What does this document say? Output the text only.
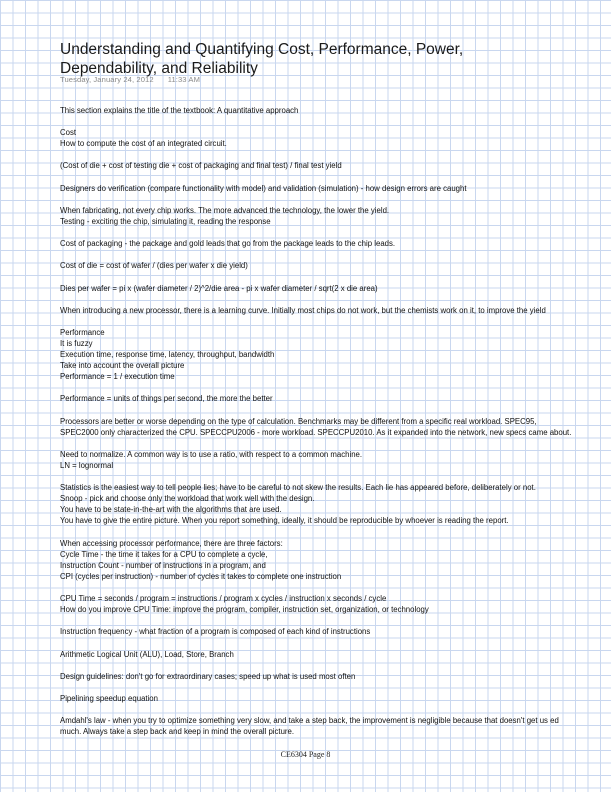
Understanding and Quantifying Cost, Performance, Power,
Dependability, and Reliability
Tuesday, January 24, 2012 11:33 AM
This section explains the title of the textbook: A quantitative approach
Cost
How to compute the cost of an integrated circuit.
(Cost of die + cost of testing die + cost of packaging and final test) / final test yield
Designers do verification (compare functionality with model) and validation (simulation) - how design errors are caught
When fabricating, not every chip works. The more advanced the technology, the lower the yield.
Testing - exciting the chip, simulating it, reading the response
Cost of packaging - the package and gold leads that go from the package leads to the chip leads.
Cost of die = cost of wafer / (dies per wafer x die yield)
Dies per wafer = pi x (wafer diameter / 2)^2/die area - pi x wafer diameter / sqrt(2 x die area)
When introducing a new processor, there is a learning curve. Initially most chips do not work, but the chemists work on it, to improve the yield
Performance
It is fuzzy
Execution time, response time, latency, throughput, bandwidth
Take into account the overall picture
Performance = 1 / execution time
Performance = units of things per second, the more the better
Processors are better or worse depending on the type of calculation. Benchmarks may be different from a specific real workload. SPEC95,
SPEC2000 only characterized the CPU. SPECCPU2006 - more workload. SPECCPU2010. As it expanded into the network, new specs came about.
Need to normalize. A common way is to use a ratio, with respect to a common machine.
LN = lognormal
Statistics is the easiest way to tell people lies; have to be careful to not skew the results. Each lie has appeared before, deliberately or not.
Snoop - pick and choose only the workload that work well with the design.
You have to be state-in-the-art with the algorithms that are used.
You have to give the entire picture. When you report something, ideally, it should be reproducible by whoever is reading the report.
When accessing processor performance, there are three factors:
Cycle Time - the time it takes for a CPU to complete a cycle,
Instruction Count - number of instructions in a program, and
CPI (cycles per instruction) - number of cycles it takes to complete one instruction
CPU Time = seconds / program = instructions / program x cycles / instruction x seconds / cycle
How do you improve CPU Time: improve the program, compiler, instruction set, organization, or technology
Instruction frequency - what fraction of a program is composed of each kind of instructions
Arithmetic Logical Unit (ALU), Load, Store, Branch
Design guidelines: don't go for extraordinary cases; speed up what is used most often
Pipelining speedup equation
Amdahl's law - when you try to optimize something very slow, and take a step back, the improvement is negligible because that doesn't get us ed
much. Always take a step back and keep in mind the overall picture.
CE6304 Page 8
